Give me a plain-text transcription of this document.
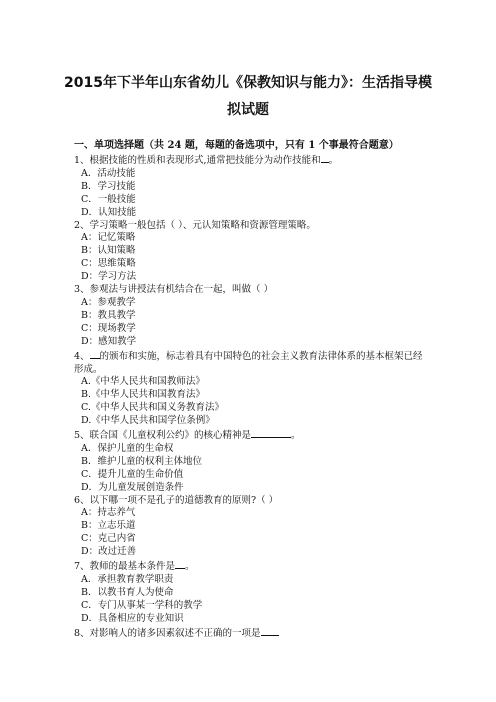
2015年下半年山东省幼儿《保教知识与能力》：生活指导模
拟试题
一、单项选择题（共 24 题，每题的备选项中，只有 1 个事最符合题意）

1、根据技能的性质和表现形式,通常把技能分为动作技能和 。

A．活动技能

B．学习技能

C．一般技能

D．认知技能

2、学习策略一般包括（ ）、元认知策略和资源管理策略。

A：记忆策略

B：认知策略

C：思维策略

D：学习方法

3、参观法与讲授法有机结合在一起，叫做（ ）

A：参观教学

B：教具教学

C：现场教学

D：感知教学

4、 的颁布和实施，标志着具有中国特色的社会主义教育法律体系的基本框架已经形成。

A.《中华人民共和国教师法》

B.《中华人民共和国教育法》

C.《中华人民共和国义务教育法》

D.《中华人民共和国学位条例》

5、联合国《儿童权利公约》的核心精神是	。

A．保护儿童的生命权

B．维护儿童的权利主体地位

C．提升儿童的生命价值

D．为儿童发展创造条件

6、以下哪一项不是孔子的道德教育的原则?（ ）

A：持志养气

B：立志乐道

C：克己内省

D：改过迁善

7、教师的最基本条件是 。

A．承担教育教学职责

B．以教书育人为使命

C．专门从事某一学科的教学

D．具备相应的专业知识

8、对影响人的诸多因素叙述不正确的一项是
